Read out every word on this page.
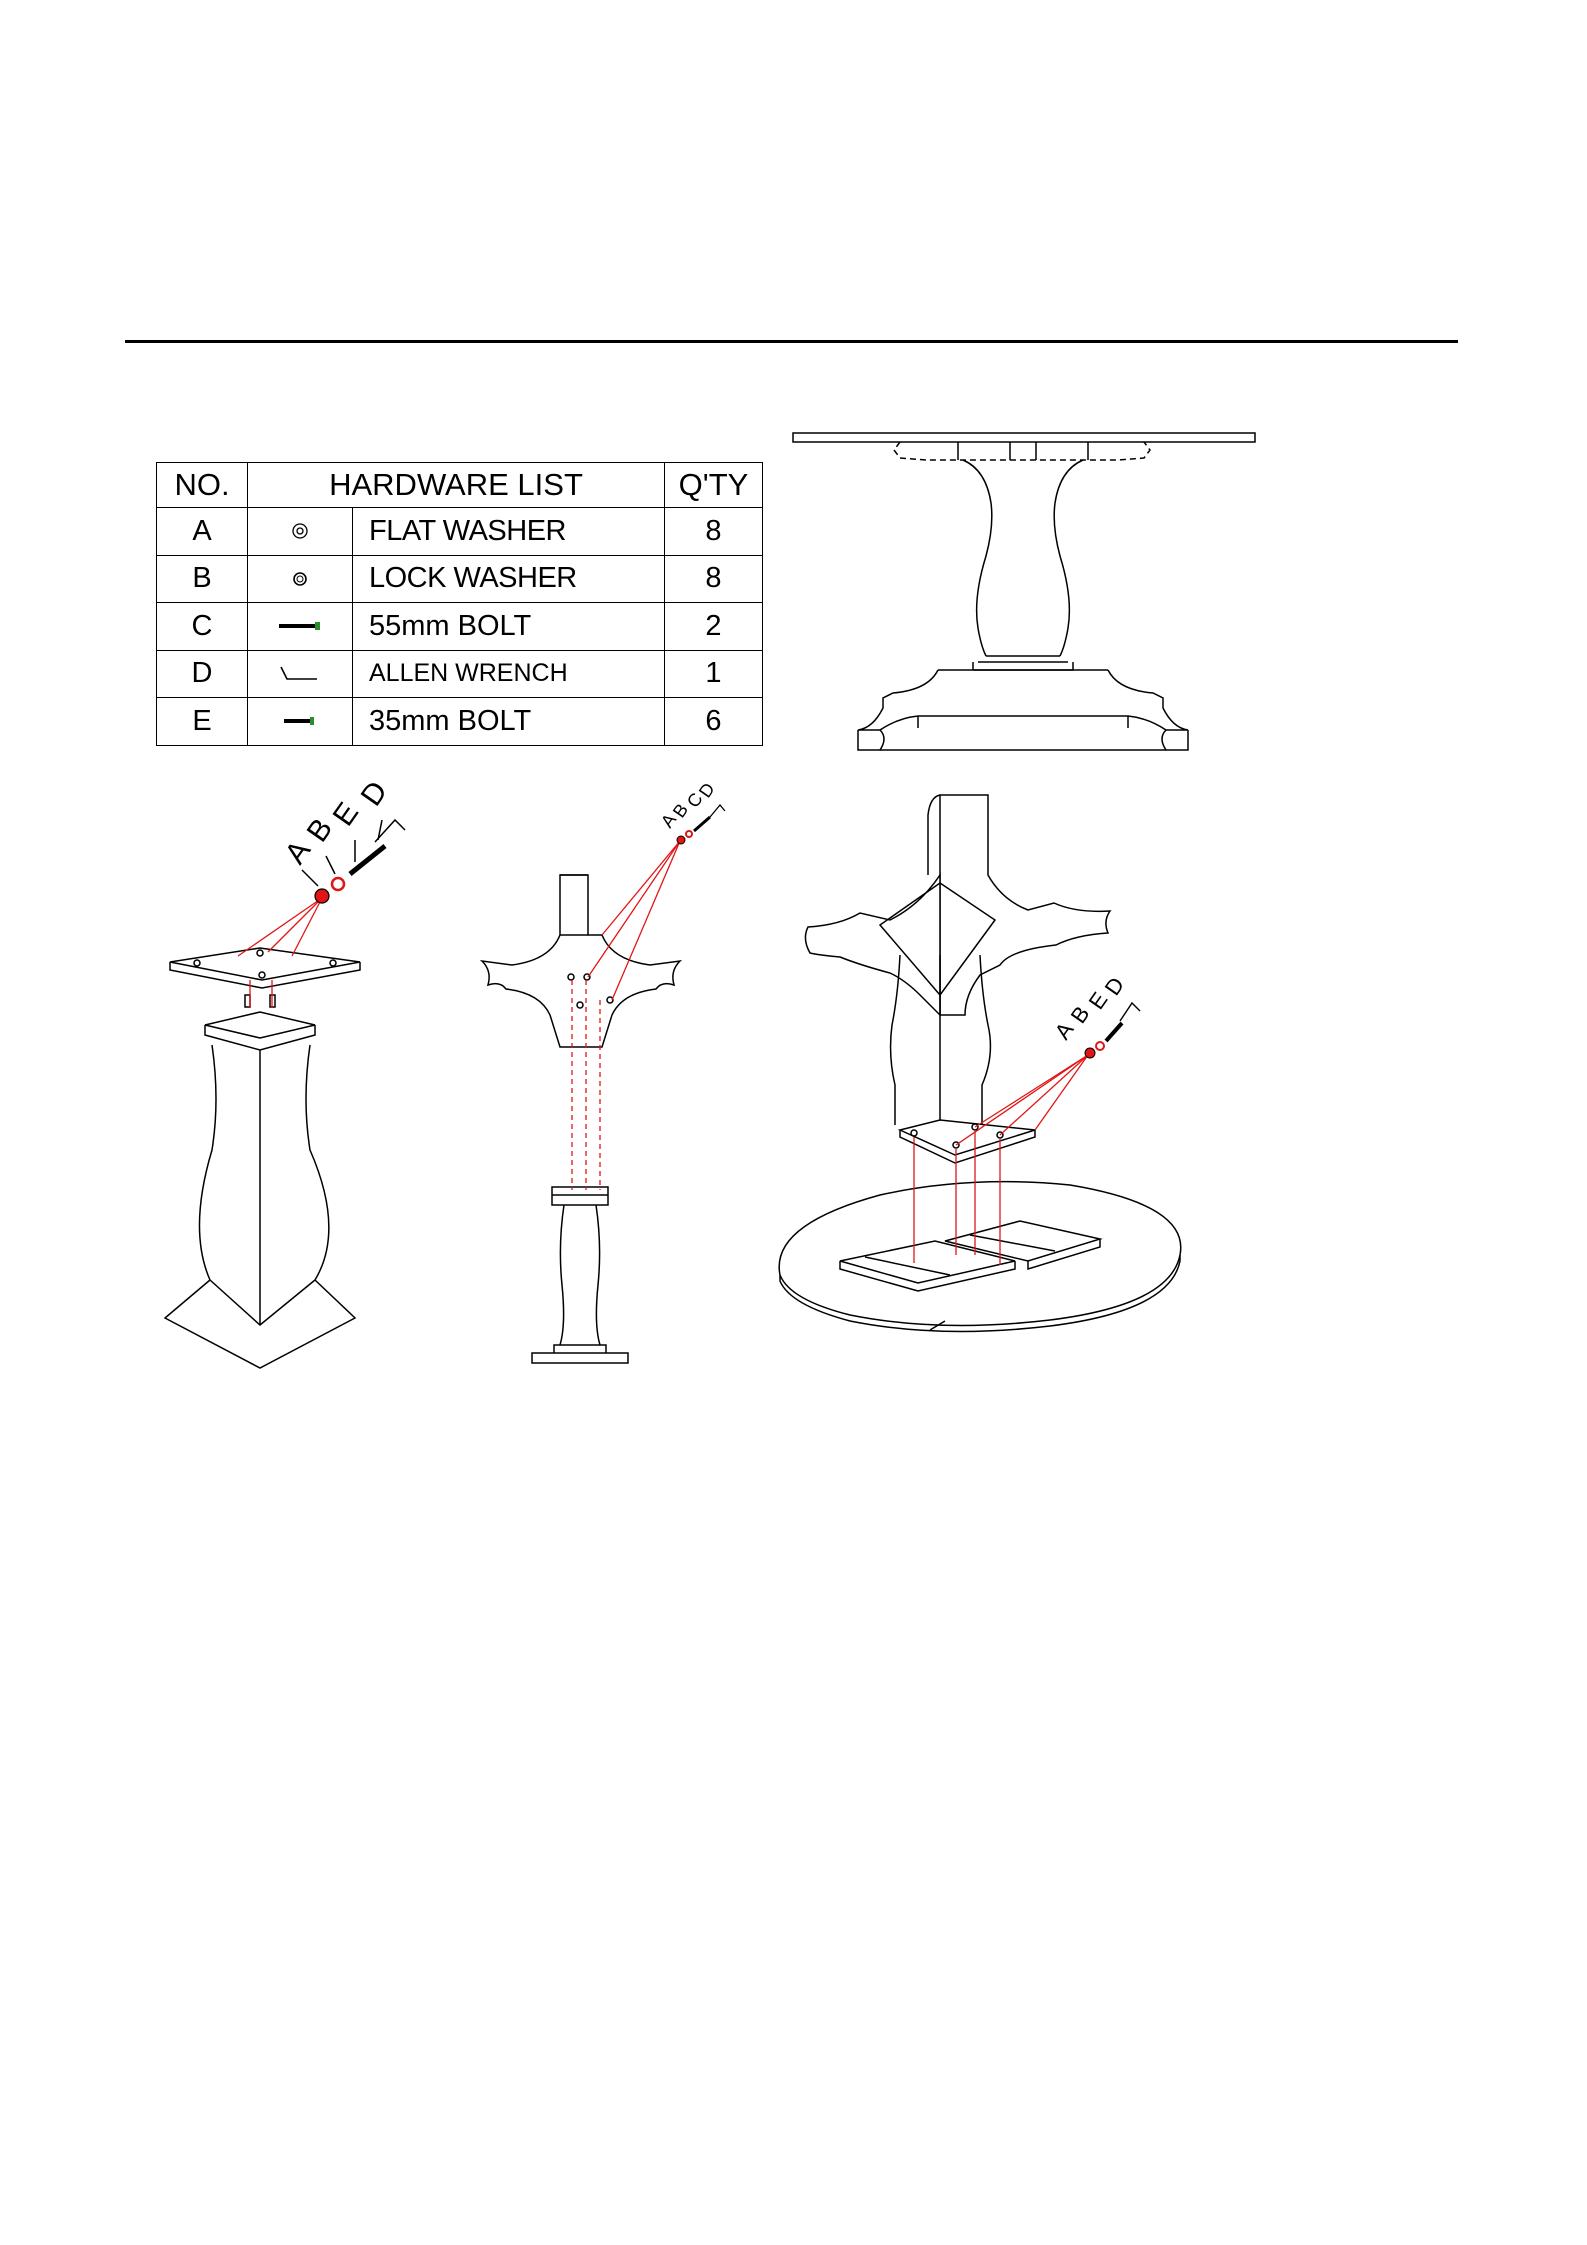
NO.	HARDWARE LIST		Q'TY
A		FLAT WASHER	8
B		LOCK WASHER	8
C		55mm BOLT	2
D		ALLEN WRENCH	1
E		35mm BOLT	6
A
B
E
D
A
B
C
D
A
B
E
D
